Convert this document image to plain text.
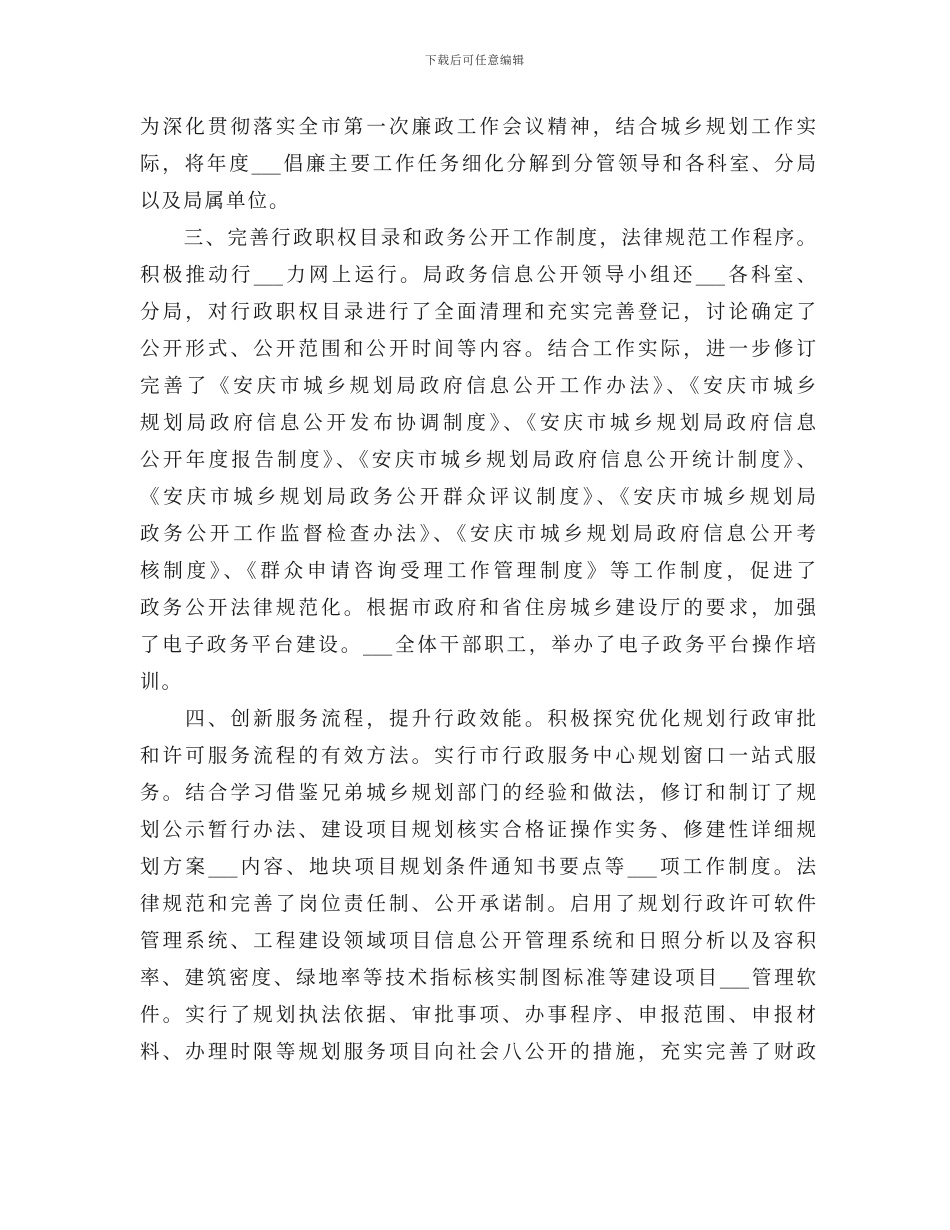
下载后可任意编辑
为深化贯彻落实全市第一次廉政工作会议精神，结合城乡规划工作实
际，将年度___倡廉主要工作任务细化分解到分管领导和各科室、分局
以及局属单位。
　　三、完善行政职权目录和政务公开工作制度，法律规范工作程序。
积极推动行___力网上运行。局政务信息公开领导小组还___各科室、
分局，对行政职权目录进行了全面清理和充实完善登记，讨论确定了
公开形式、公开范围和公开时间等内容。结合工作实际，进一步修订
完善了《安庆市城乡规划局政府信息公开工作办法》、《安庆市城乡
规划局政府信息公开发布协调制度》、《安庆市城乡规划局政府信息
公开年度报告制度》、《安庆市城乡规划局政府信息公开统计制度》、
《安庆市城乡规划局政务公开群众评议制度》、《安庆市城乡规划局
政务公开工作监督检查办法》、《安庆市城乡规划局政府信息公开考
核制度》、《群众申请咨询受理工作管理制度》等工作制度，促进了
政务公开法律规范化。根据市政府和省住房城乡建设厅的要求，加强
了电子政务平台建设。___全体干部职工，举办了电子政务平台操作培
训。
　　四、创新服务流程，提升行政效能。积极探究优化规划行政审批
和许可服务流程的有效方法。实行市行政服务中心规划窗口一站式服
务。结合学习借鉴兄弟城乡规划部门的经验和做法，修订和制订了规
划公示暂行办法、建设项目规划核实合格证操作实务、修建性详细规
划方案___内容、地块项目规划条件通知书要点等___项工作制度。法
律规范和完善了岗位责任制、公开承诺制。启用了规划行政许可软件
管理系统、工程建设领域项目信息公开管理系统和日照分析以及容积
率、建筑密度、绿地率等技术指标核实制图标准等建设项目___管理软
件。实行了规划执法依据、审批事项、办事程序、申报范围、申报材
料、办理时限等规划服务项目向社会八公开的措施，充实完善了财政
